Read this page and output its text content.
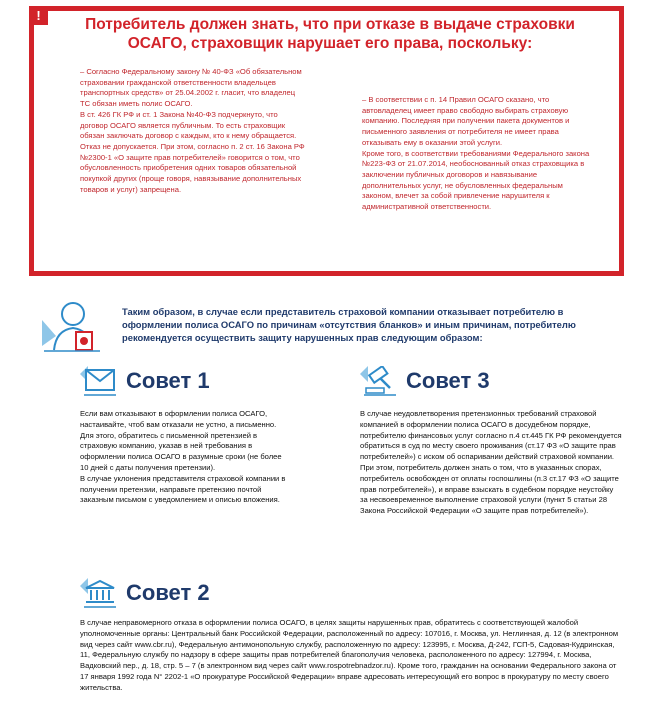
!
Потребитель должен знать, что при отказе в выдаче страховки ОСАГО, страховщик нарушает его права, поскольку:

– Согласно Федеральному закону № 40-ФЗ «Об обязательном страховании гражданской ответственности владельцев транспортных средств» от 25.04.2002 г. гласит, что владелец ТС обязан иметь полис ОСАГО.

В ст. 426 ГК РФ и ст. 1 Закона №40-ФЗ подчеркнуто, что договор ОСАГО является публичным. То есть страховщик обязан заключать договор с каждым, кто к нему обращается. Отказ не допускается. При этом, согласно п. 2 ст. 16 Закона РФ №2300-1 «О защите прав потребителей» говорится о том, что обусловленность приобретения одних товаров обязательной покупкой других (проще говоря, навязывание дополнительных товаров и услуг) запрещена.

– В соответствии с п. 14 Правил ОСАГО сказано, что автовладелец имеет право свободно выбирать страховую компанию. Последняя при получении пакета документов и письменного заявления от потребителя не имеет права отказывать ему в оказании этой услуги.

Кроме того, в соответствии требованиями Федерального закона №223-ФЗ от 21.07.2014, необоснованный отказ страховщика в заключении публичных договоров и навязывание дополнительных услуг, не обусловленных федеральным законом, влечет за собой привлечение нарушителя к административной ответственности.

Таким образом, в случае если представитель страховой компании отказывает потребителю в оформлении полиса ОСАГО по причинам «отсутствия бланков» и иным причинам, потребителю рекомендуется осуществить защиту нарушенных прав следующим образом:
Совет 1

Если вам отказывают в оформлении полиса ОСАГО, настаивайте, чтоб вам отказали не устно, а письменно. Для этого, обратитесь с письменной претензией в страховую компанию, указав в ней требования в оформлении полиса ОСАГО в разумные сроки (не более 10 дней с даты получения претензии).

В случае уклонения представителя страховой компании в получении претензии, направьте претензию почтой заказным письмом с уведомлением и описью вложения.

Совет 3

В случае неудовлетворения претензионных требований страховой компанией в оформлении полиса ОСАГО в досудебном порядке, потребителю финансовых услуг согласно п.4 ст.445 ГК РФ рекомендуется обратиться в суд по месту своего проживания (ст.17 ФЗ «О защите прав потребителей») с иском об оспаривании действий страховой компании. При этом, потребитель должен знать о том, что в указанных спорах, потребитель освобожден от оплаты госпошлины (п.3 ст.17 ФЗ «О защите прав потребителей»), и вправе взыскать в судебном порядке неустойку за несвоевременное выполнение страховой услуги (пункт 5 статьи 28 Закона Российской Федерации «О защите прав потребителей»).

Совет 2

В случае неправомерного отказа в оформлении полиса ОСАГО, в целях защиты нарушенных прав, обратитесь с соответствующей жалобой уполномоченные органы: Центральный банк Российской Федерации, расположенный по адресу: 107016, г. Москва, ул. Неглинная, д. 12 (в электронном вид через сайт www.cbr.ru), Федеральную антимонопольную службу, расположенную по адресу: 123995, г. Москва, Д-242, ГСП-5, Садовая-Кудринская, 11, Федеральную службу по надзору в сфере защиты прав потребителей благополучия человека, расположенного по адресу: 127994, г. Москва, Вадковский пер., д. 18, стр. 5 – 7 (в электронном вид через сайт www.rospotrebnadzor.ru). Кроме того, гражданин на основании Федерального закона от 17 января 1992 года N° 2202-1 «О прокуратуре Российской Федерации» вправе адресовать интересующий его вопрос в прокуратуру по месту своего жительства.
